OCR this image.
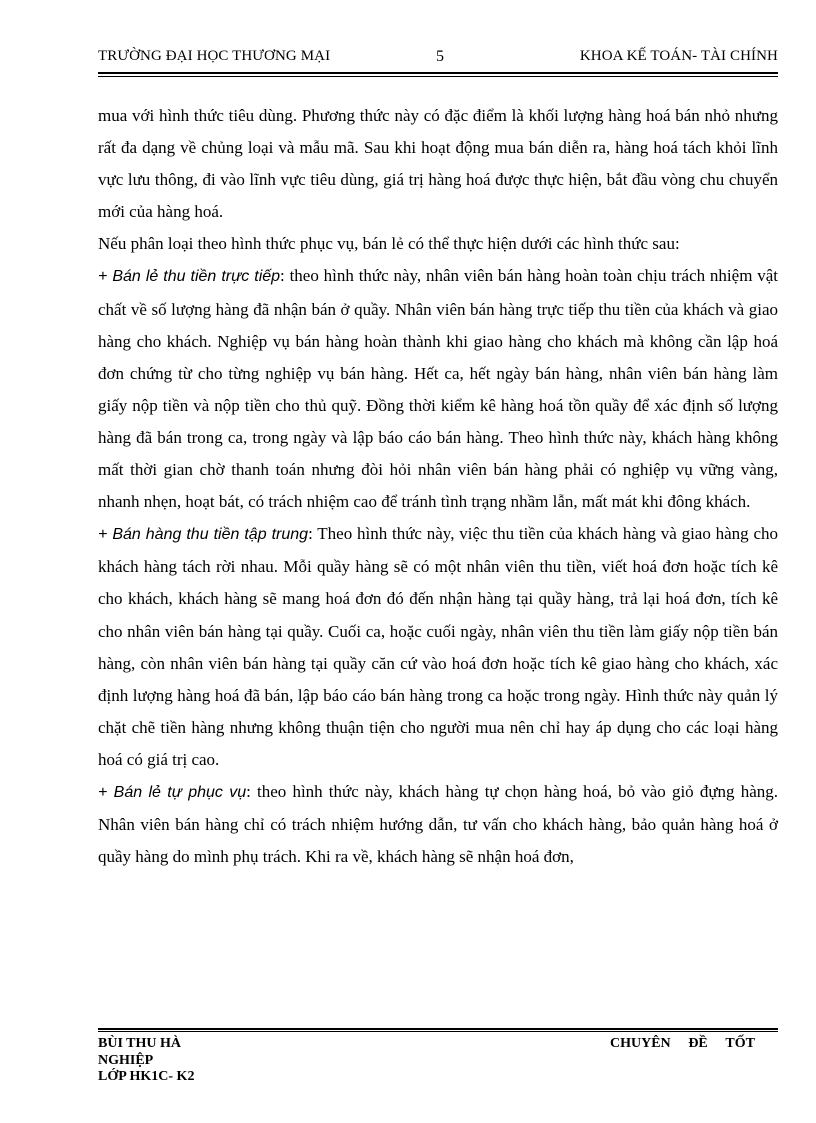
TRƯỜNG ĐẠI HỌC THƯƠNG MẠI	5	KHOA KẾ TOÁN- TÀI CHÍNH

mua với hình thức tiêu dùng. Phương thức này có đặc điểm là khối lượng hàng hoá bán nhỏ nhưng rất đa dạng về chủng loại và mẫu mã. Sau khi hoạt động mua bán diễn ra, hàng hoá tách khỏi lĩnh vực lưu thông, đi vào lĩnh vực tiêu dùng, giá trị hàng hoá được thực hiện, bắt đầu vòng chu chuyển mới của hàng hoá.

Nếu phân loại theo hình thức phục vụ, bán lẻ có thể thực hiện dưới các hình thức sau:

+ Bán lẻ thu tiền trực tiếp: theo hình thức này, nhân viên bán hàng hoàn toàn chịu trách nhiệm vật chất về số lượng hàng đã nhận bán ở quầy. Nhân viên bán hàng trực tiếp thu tiền của khách và giao hàng cho khách. Nghiệp vụ bán hàng hoàn thành khi giao hàng cho khách mà không cần lập hoá đơn chứng từ cho từng nghiệp vụ bán hàng. Hết ca, hết ngày bán hàng, nhân viên bán hàng làm giấy nộp tiền và nộp tiền cho thủ quỹ. Đồng thời kiểm kê hàng hoá tồn quầy để xác định số lượng hàng đã bán trong ca, trong ngày và lập báo cáo bán hàng. Theo hình thức này, khách hàng không mất thời gian chờ thanh toán nhưng đòi hỏi nhân viên bán hàng phải có nghiệp vụ vững vàng, nhanh nhẹn, hoạt bát, có trách nhiệm cao để tránh tình trạng nhầm lẫn, mất mát khi đông khách.

+ Bán hàng thu tiền tập trung: Theo hình thức này, việc thu tiền của khách hàng và giao hàng cho khách hàng tách rời nhau. Mỗi quầy hàng sẽ có một nhân viên thu tiền, viết hoá đơn hoặc tích kê cho khách, khách hàng sẽ mang hoá đơn đó đến nhận hàng tại quầy hàng, trả lại hoá đơn, tích kê cho nhân viên bán hàng tại quầy. Cuối ca, hoặc cuối ngày, nhân viên thu tiền làm giấy nộp tiền bán hàng, còn nhân viên bán hàng tại quầy căn cứ vào hoá đơn hoặc tích kê giao hàng cho khách, xác định lượng hàng hoá đã bán, lập báo cáo bán hàng trong ca hoặc trong ngày. Hình thức này quản lý chặt chẽ tiền hàng nhưng không thuận tiện cho người mua nên chỉ hay áp dụng cho các loại hàng hoá có giá trị cao.

+ Bán lẻ tự phục vụ: theo hình thức này, khách hàng tự chọn hàng hoá, bỏ vào giỏ đựng hàng. Nhân viên bán hàng chỉ có trách nhiệm hướng dẫn, tư vấn cho khách hàng, bảo quản hàng hoá ở quầy hàng do mình phụ trách. Khi ra về, khách hàng sẽ nhận hoá đơn,

BÙI THU HÀ
NGHIỆP
LỚP HK1C- K2
CHUYÊN ĐỀ TỐT
